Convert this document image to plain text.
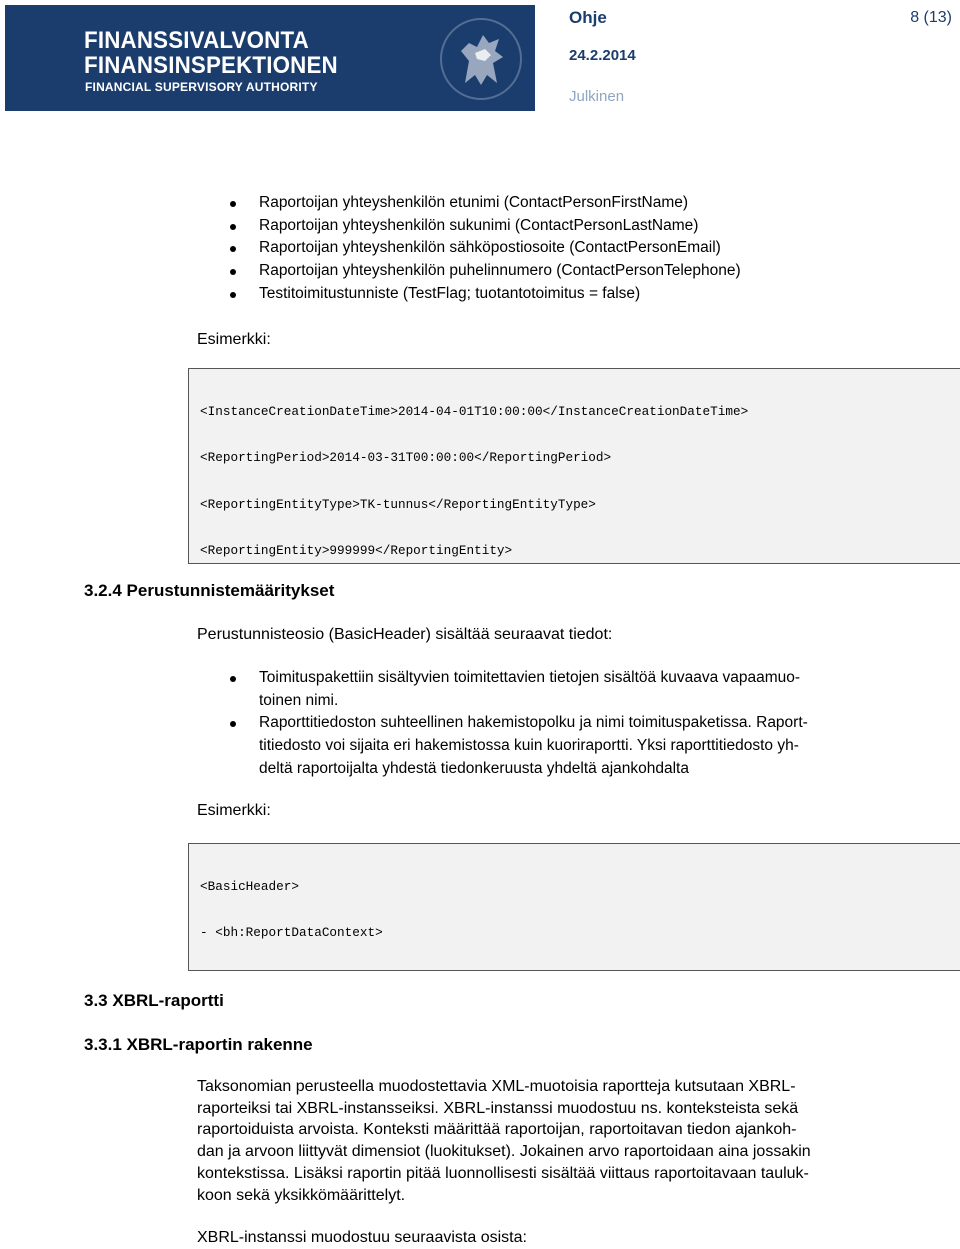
FINANSSIVALVONTA
FINANSINSPEKTIONEN
FINANCIAL SUPERVISORY AUTHORITY
Ohje	8 (13)
24.2.2014
Julkinen
Raportoijan yhteyshenkilön etunimi (ContactPersonFirstName)
Raportoijan yhteyshenkilön sukunimi (ContactPersonLastName)
Raportoijan yhteyshenkilön sähköpostiosoite (ContactPersonEmail)
Raportoijan yhteyshenkilön puhelinnumero (ContactPersonTelephone)
Testitoimitustunniste (TestFlag; tuotantotoimitus = false)
Esimerkki:

<InstanceCreationDateTime>2014-04-01T10:00:00</InstanceCreationDateTime>

<ReportingPeriod>2014-03-31T00:00:00</ReportingPeriod>

<ReportingEntityType>TK-tunnus</ReportingEntityType>

<ReportingEntity>999999</ReportingEntity>

3.2.4 Perustunnistemääritykset
Perustunnisteosio (BasicHeader) sisältää seuraavat tiedot:
Toimituspakettiin sisältyvien toimitettavien tietojen sisältöä kuvaava vapaamuo-
toinen nimi.
Raporttitiedoston suhteellinen hakemistopolku ja nimi toimituspaketissa. Raport-
titiedosto voi sijaita eri hakemistossa kuin kuoriraportti. Yksi raporttitiedosto yh-
deltä raportoijalta yhdestä tiedonkeruusta yhdeltä ajankohdalta
Esimerkki:

<BasicHeader>

- <bh:ReportDataContext>

3.3 XBRL-raportti
3.3.1 XBRL-raportin rakenne
Taksonomian perusteella muodostettavia XML-muotoisia raportteja kutsutaan XBRL-
raporteiksi tai XBRL-instansseiksi. XBRL-instanssi muodostuu ns. konteksteista sekä
raportoiduista arvoista. Konteksti määrittää raportoijan, raportoitavan tiedon ajankoh-
dan ja arvoon liittyvät dimensiot (luokitukset). Jokainen arvo raportoidaan aina jossakin
kontekstissa. Lisäksi raportin pitää luonnollisesti sisältää viittaus raportoitavaan tauluk-
koon sekä yksikkömäärittelyt.
XBRL-instanssi muodostuu seuraavista osista:
